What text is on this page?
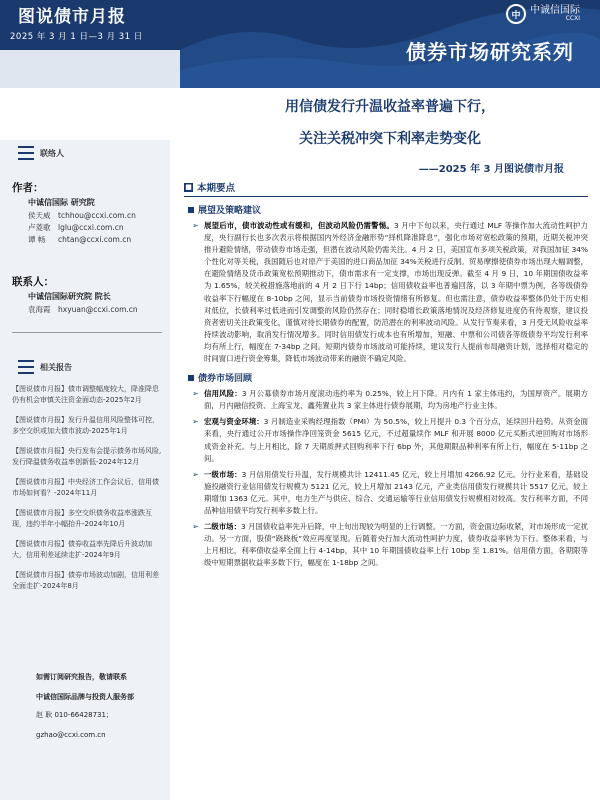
图说债市月报
2025 年 3 月 1 日—3 月 31 日
中 中诚信国际
CCXI
债券市场研究系列
用信债发行升温收益率普遍下行，
关注关税冲突下利率走势变化
——2025 年 3 月图说债市月报
联络人
作者：
中诚信国际 研究院
侯天威	tchhou@ccxi.com.cn
卢菱歌	lglu@ccxi.com.cn
谭 畅	chtan@ccxi.com.cn
联系人：
中诚信国际研究院 院长
袁海霞	hxyuan@ccxi.com.cn
相关报告
【图说债市月报】债市调整幅度较大，降准降息仍有机会审慎关注资金面动态-2025年2月
【图说债市月报】发行升温信用风险整体可控，多空交织或加大债市波动-2025年1月
【图说债市月报】央行发布会提示债务市场风险,发行降温债务收益率创新低-2024年12月
【图说债市月报】中央经济工作会议后，信用债市场如何看？-2024年11月
【图说债市月报】多空交织债务收益率涨跌互现，违约半年小幅抬升-2024年10月
【图说债市月报】债券收益率先降后升波动加大，信用利差延续走扩-2024年9月
【图说债市月报】债券市场波动加剧，信用利差全面走扩-2024年8月
如需订阅研究报告，敬请联系
中诚信国际品牌与投资人服务部
赵 耿 010-66428731；
gzhao@ccxi.com.cn
■ 本期要点
展望及策略建议
➢ 展望后市，债市波动性或有缓和，但波动风险仍需警惕。3 月中下旬以来，央行通过 MLF 等操作加大流动性呵护力度，央行副行长也多次表示将根据国内外经济金融形势“择机降准降息”，强化市场对宽松政策的预期，近期关税冲突推升避险情绪，带动债券市场走强，但潜在波动风险仍需关注。4 月 2 日，美国宣布多项关税政策，对我国加征 34%个性化对等关税，我国随后也对原产于美国的进口商品加征 34%关税进行反制。贸易摩擦使债券市场出现大幅调整，在避险情绪及货币政策宽松预期推动下，债市需求有一定支撑，市场出现反弹。截至 4 月 9 日，10 年期国债收益率为 1.65%，较关税措施落地前的 4 月 2 日下行 14bp；信用债收益率也普遍回落，以 3 年期中票为例，各等级债券收益率下行幅度在 8-10bp 之间，显示当前债券市场投资情绪有所修复。但也需注意，债券收益率整体仍处于历史相对低位，长债利率过低进而引发调整的风险仍然存在；同时稳增长政策落地情况及经济修复进度仍有待观察，建议投资者密切关注政策变化，谨慎对待长期债券的配置，防范潜在的利率波动风险。从发行节奏来看，3 月受无风险收益率持续波动影响，取消发行情况增多。同时信用债发行成本也有所增加，短融、中票和公司债各等级债券平均发行利率均有所上行，幅度在 7-34bp 之间。短期内债券市场波动可能持续，建议发行人提前布局融资计划，选择相对稳定的时间窗口进行资金筹集，降低市场波动带来的融资不确定风险。
债券市场回顾
➢ 信用风险：3 月公募债券市场月度滚动违约率为 0.25%，较上月下降。月内有 1 家主体违约，为国厚资产。展期方面，月内融信投资、上海宝龙、鑫苑置业共 3 家主体进行债券展期，均为房地产行业主体。
➢ 宏观与资金环境：3 月制造业采购经理指数（PMI）为 50.5%，较上月提升 0.3 个百分点，延续回升趋势。从资金面来看，央行通过公开市场操作净回笼资金 5615 亿元，不过超量续作 MLF 和开展 8000 亿元买断式逆回购对市场形成资金补充。与上月相比，除 7 天期质押式回购利率下行 6bp 外，其他期限品种利率有所上行，幅度在 5-11bp 之间。
➢ 一级市场：3 月信用债发行升温，发行规模共计 12411.45 亿元，较上月增加 4266.92 亿元。分行业来看，基础设施投融资行业信用债发行规模为 5121 亿元，较上月增加 2143 亿元，产业类信用债发行规模共计 5517 亿元，较上期增加 1363 亿元。其中，电力生产与供应、综合、交通运输等行业信用债发行规模相对较高。发行利率方面，不同品种信用债平均发行利率多数上行。
➢ 二级市场：3 月国债收益率先升后降，中上旬出现较为明显的上行调整。一方面，资金面边际收紧，对市场形成一定扰动。另一方面，股债“跷跷板”效应再度显现。后随着央行加大流动性呵护力度，债券收益率转为下行。整体来看，与上月相比，利率债收益率全面上行 4-14bp，其中 10 年期国债收益率上行 10bp 至 1.81%。信用债方面，各期限等级中短期票据收益率多数下行，幅度在 1-18bp 之间。
